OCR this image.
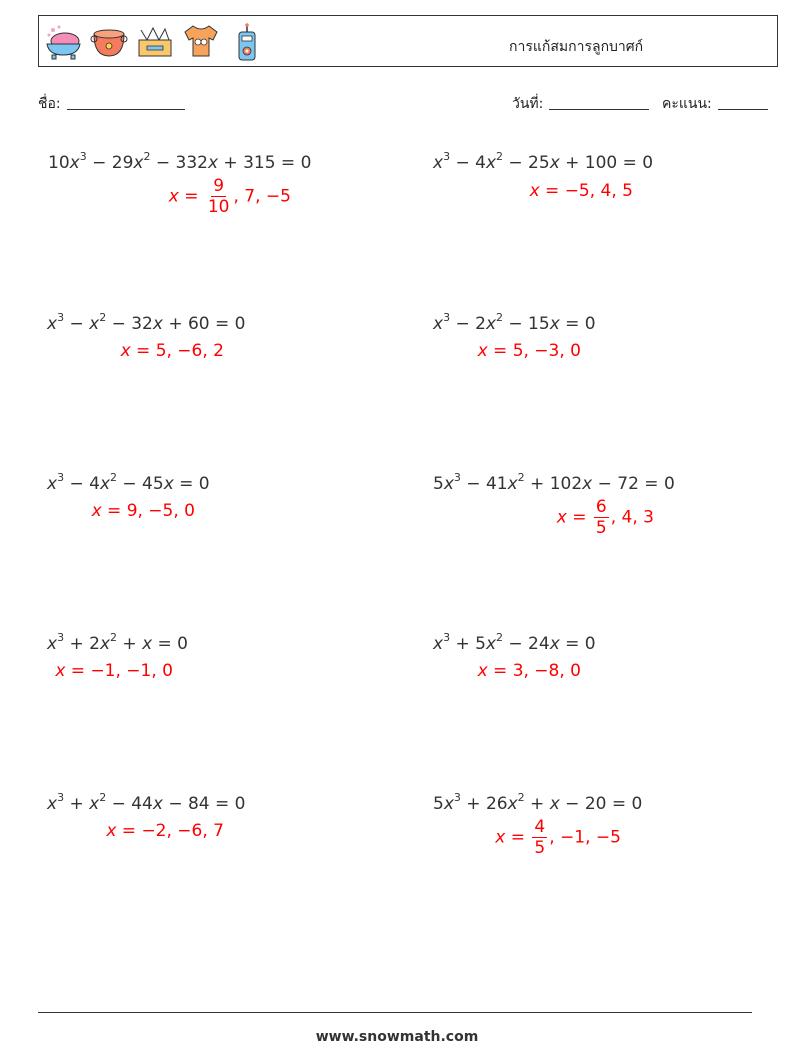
การแก้สมการลูกบาศก์
ชื่อ:	วันที่:	คะแนน:
$10x^3 - 29x^2 - 332x + 315 = 0$
$x = \frac{9}{10}$ , 7, −5
$x^3 - 4x^2 - 25x + 100 = 0$
x = −5, 4, 5
$x^3 - x^2 - 32x + 60 = 0$
x = 5, −6, 2
$x^3 - 2x^2 - 15x = 0$
x = 5, −3, 0
$x^3 - 4x^2 - 45x = 0$
x = 9, −5, 0
$5x^3 - 41x^2 + 102x - 72 = 0$
$x = \frac{6}{5}$ , 4, 3
$x^3 + 2x^2 + x = 0$
x = −1, −1, 0
$x^3 + 5x^2 - 24x = 0$
x = 3, −8, 0
$x^3 + x^2 - 44x - 84 = 0$
x = −2, −6, 7
$5x^3 + 26x^2 + x - 20 = 0$
$x = \frac{4}{5}$ , −1, −5
www.snowmath.com
